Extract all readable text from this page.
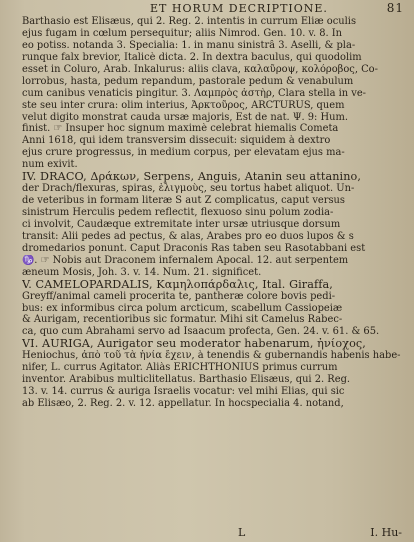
ET HORUM DECRIPTIONE.	81
Barthasio est Elisæus, qui 2. Reg. 2. intentis in currum Eliæ oculis
ejus fugam in cœlum persequitur; aliis Nimrod. Gen. 10. v. 8. In
eo potiss. notanda 3. Specialia: 1. in manu sinistrâ 3. Aselli, & pla-
runque falx brevior, Italicè dicta. 2. In dextra baculus, qui quodolim
esset in Coluro, Arab. Inkalurus: aliis clava, καλαῦροψ, κολόροβος, Co-
lorrobus, hasta, pedum repandum, pastorale pedum & venabulum
cum canibus venaticis pingitur. 3. Λαμπρὸς ἀστὴρ, Clara stella in ve-
ste seu inter crura: olim interius, Ἀρκτοῦρος, ARCTURUS, quem
velut digito monstrat cauda ursæ majoris, Est de nat. Ψ. 9: Hum.
finist. ☞ Insuper hoc signum maximè celebrat hiemalis Cometa
Anni 1618, qui idem transversim dissecuit: siquidem à dextro
ejus crure progressus, in medium corpus, per elevatam ejus ma-
num exivit.
IV. DRACO, Δράκων, Serpens, Anguis, Atanin seu attanino,
der Drach/flexuras, spiras, ἑλιγμοὺς, seu tortus habet aliquot. Un-
de veteribus in formam literæ S aut Z complicatus, caput versus
sinistrum Herculis pedem reflectit, flexuoso sinu polum zodia-
ci involvit, Caudæque extremitate inter ursæ utriusque dorsum
transit: Alii pedes ad pectus, & alas, Arabes pro eo duos lupos & s
dromedarios ponunt. Caput Draconis Ras taben seu Rasotabbani est
♑. ☞ Nobis aut Draconem infernalem Apocal. 12. aut serpentem
æneum Mosis, Joh. 3. v. 14. Num. 21. significet.
V. CAMELOPARDALIS, Καμηλοπάρδαλις, Ital. Giraffa,
Greyff/animal cameli procerita te, pantheræ colore bovis pedi-
bus: ex informibus circa polum arcticum, scabellum Cassiopeiæ
& Aurigam, recentioribus sic formatur. Mihi sit Camelus Rabec-
ca, quo cum Abrahami servo ad Isaacum profecta, Gen. 24. v. 61. & 65.
VI. AURIGA, Aurigator seu moderator habenarum, ἡνίοχος,
Heniochus, ἀπὸ τοῦ τὰ ἡνία ἔχειν, à tenendis & gubernandis habenis habe-
nifer, L. currus Agitator. Aliàs ERICHTHONIUS primus currum
inventor. Arabibus multiclitellatus. Barthasio Elisæus, qui 2. Reg.
13. v. 14. currus & auriga Israelis vocatur: vel mihi Elias, qui sic
ab Elisæo, 2. Reg. 2. v. 12. appellatur. In hocspecialia 4. notand,
L	I. Hu-
